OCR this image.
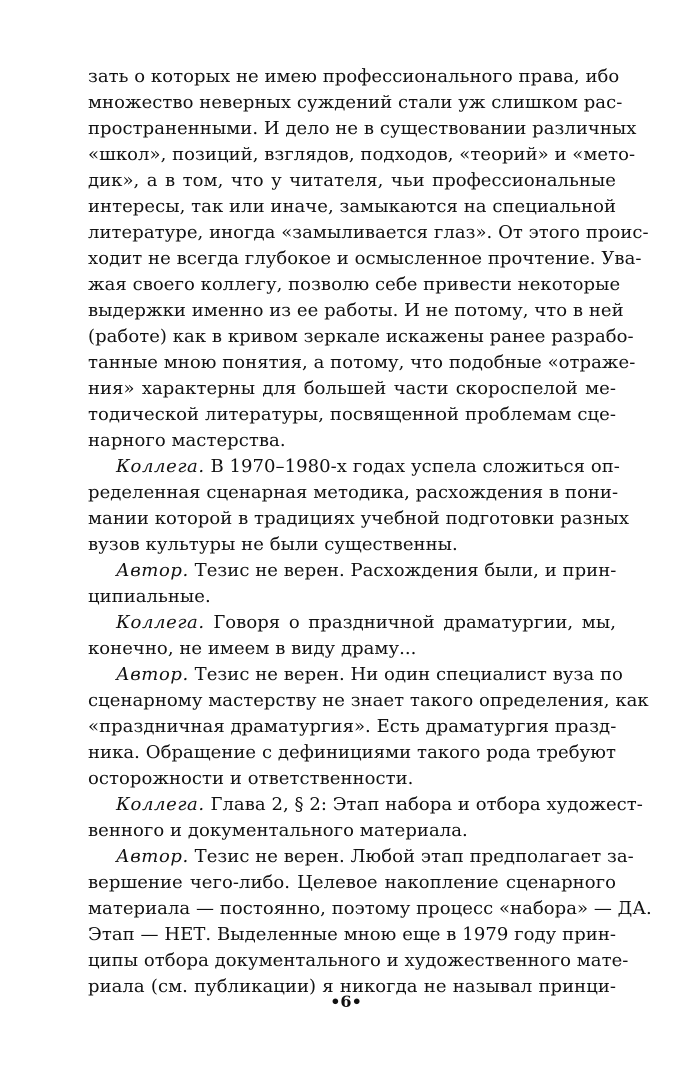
зать о которых не имею профессионального права, ибо
множество неверных суждений стали уж слишком рас-
пространенными. И дело не в существовании различных
«школ», позиций, взглядов, подходов, «теорий» и «мето-
дик», а в том, что у читателя, чьи профессиональные
интересы, так или иначе, замыкаются на специальной
литературе, иногда «замыливается глаз». От этого проис-
ходит не всегда глубокое и осмысленное прочтение. Ува-
жая своего коллегу, позволю себе привести некоторые
выдержки именно из ее работы. И не потому, что в ней
(работе) как в кривом зеркале искажены ранее разрабо-
танные мною понятия, а потому, что подобные «отраже-
ния» характерны для большей части скороспелой ме-
тодической литературы, посвященной проблемам сце-
нарного мастерства.
Коллега. В 1970–1980-х годах успела сложиться оп-
ределенная сценарная методика, расхождения в пони-
мании которой в традициях учебной подготовки разных
вузов культуры не были существенны.
Автор. Тезис не верен. Расхождения были, и прин-
ципиальные.
Коллега. Говоря о праздничной драматургии, мы,
конечно, не имеем в виду драму...
Автор. Тезис не верен. Ни один специалист вуза по
сценарному мастерству не знает такого определения, как
«праздничная драматургия». Есть драматургия празд-
ника. Обращение с дефинициями такого рода требуют
осторожности и ответственности.
Коллега. Глава 2, § 2: Этап набора и отбора художест-
венного и документального материала.
Автор. Тезис не верен. Любой этап предполагает за-
вершение чего-либо. Целевое накопление сценарного
материала — постоянно, поэтому процесс «набора» — ДА.
Этап — НЕТ. Выделенные мною еще в 1979 году прин-
ципы отбора документального и художественного мате-
риала (см. публикации) я никогда не называл принци-
•6•
